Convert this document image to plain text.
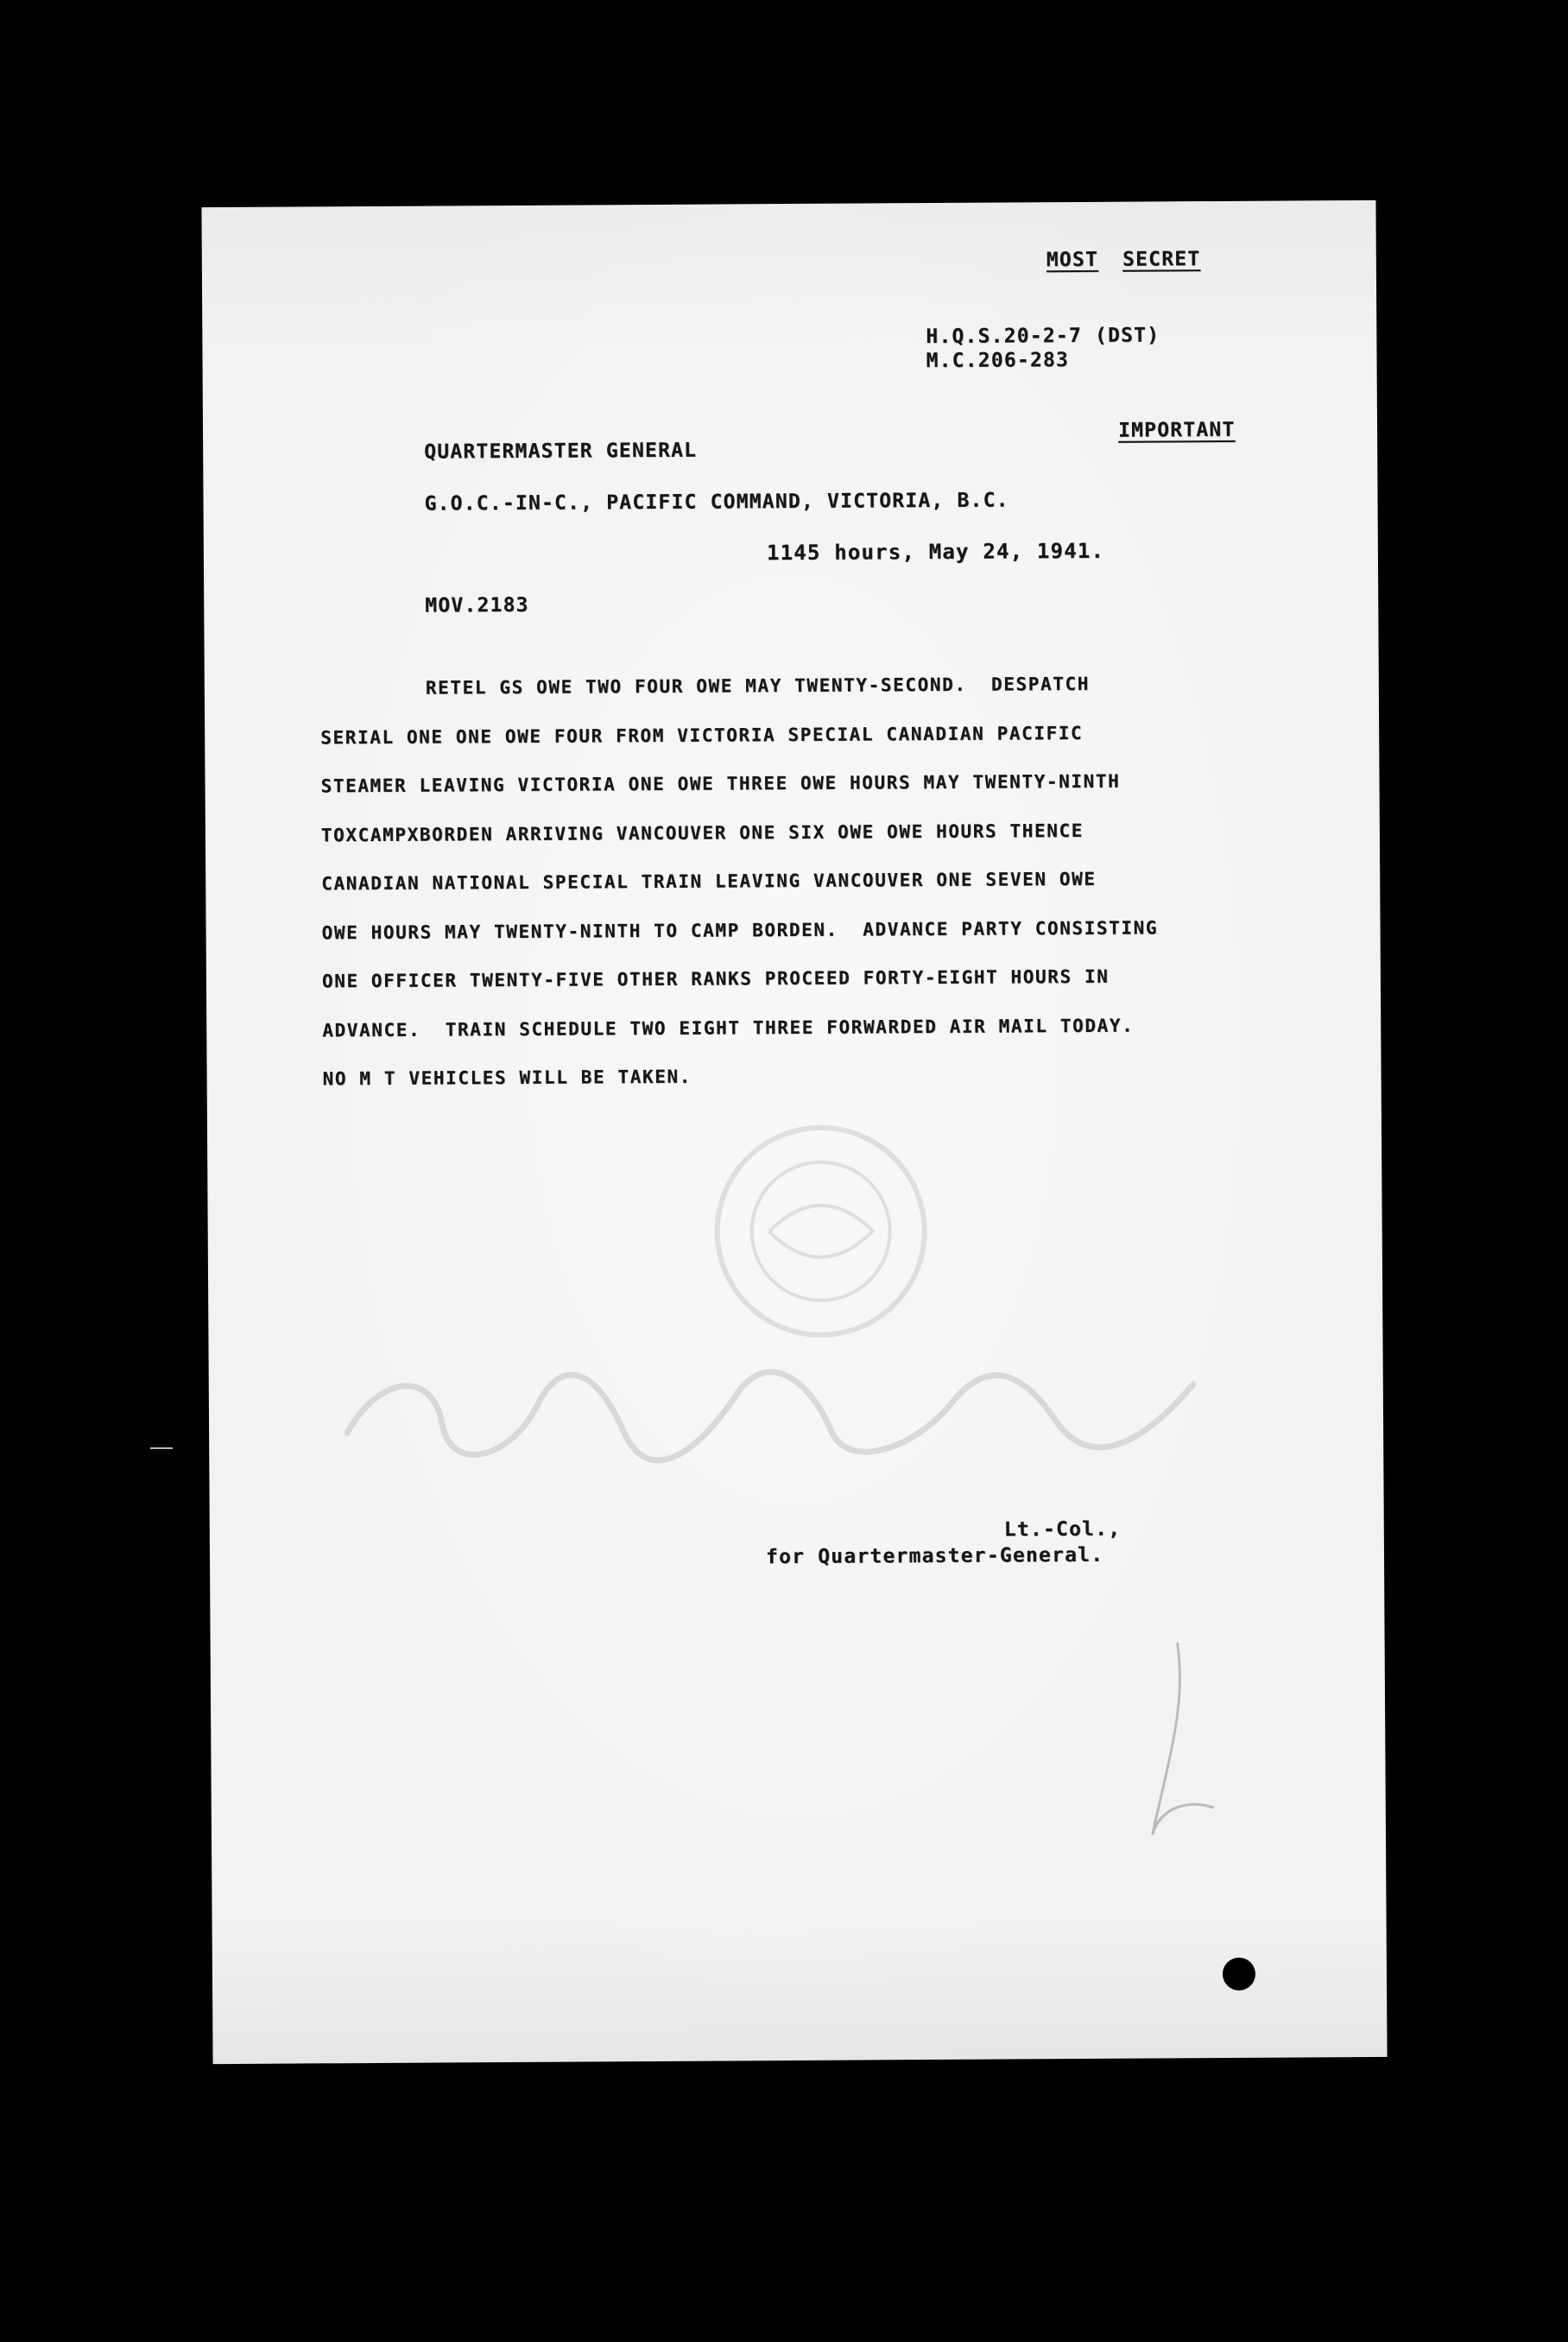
MOST SECRET
H.Q.S.20-2-7 (DST)
M.C.206-283
IMPORTANT
QUARTERMASTER GENERAL
G.O.C.-IN-C., PACIFIC COMMAND, VICTORIA, B.C.
1145 hours, May 24, 1941.
MOV.2183
RETEL GS OWE TWO FOUR OWE MAY TWENTY-SECOND.  DESPATCH
SERIAL ONE ONE OWE FOUR FROM VICTORIA SPECIAL CANADIAN PACIFIC
STEAMER LEAVING VICTORIA ONE OWE THREE OWE HOURS MAY TWENTY-NINTH
TOXCAMPXBORDEN ARRIVING VANCOUVER ONE SIX OWE OWE HOURS THENCE
CANADIAN NATIONAL SPECIAL TRAIN LEAVING VANCOUVER ONE SEVEN OWE
OWE HOURS MAY TWENTY-NINTH TO CAMP BORDEN.  ADVANCE PARTY CONSISTING
ONE OFFICER TWENTY-FIVE OTHER RANKS PROCEED FORTY-EIGHT HOURS IN
ADVANCE.  TRAIN SCHEDULE TWO EIGHT THREE FORWARDED AIR MAIL TODAY.
NO M T VEHICLES WILL BE TAKEN.
Lt.-Col.,
for Quartermaster-General.
